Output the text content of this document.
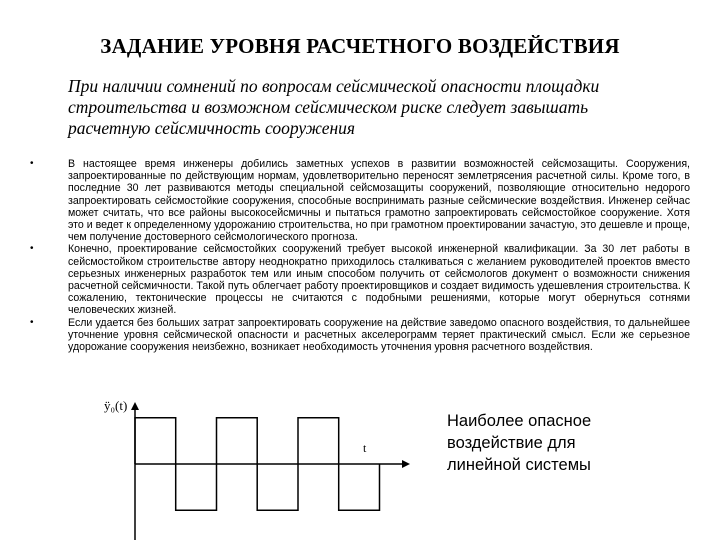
ЗАДАНИЕ УРОВНЯ РАСЧЕТНОГО ВОЗДЕЙСТВИЯ
При наличии сомнений по вопросам сейсмической опасности площадки строительства и возможном сейсмическом риске следует завышать расчетную сейсмичность сооружения
•	В настоящее время инженеры добились заметных успехов в развитии возможностей сейсмозащиты. Сооружения, запроектированные по действующим нормам, удовлетворительно переносят землетрясения расчетной силы. Кроме того, в последние 30 лет развиваются методы специальной сейсмозащиты сооружений, позволяющие относительно недорого запроектировать сейсмостойкие сооружения, способные воспринимать разные сейсмические воздействия. Инженер сейчас может считать, что все районы высокосейсмичны и пытаться грамотно запроектировать сейсмостойкое сооружение. Хотя это и ведет к определенному удорожанию строительства, но при грамотном проектировании зачастую, это дешевле и проще, чем получение достоверного сейсмологического прогноза.
•	Конечно, проектирование сейсмостойких сооружений требует высокой инженерной квалификации. За 30 лет работы в сейсмостойком строительстве автору неоднократно приходилось сталкиваться с желанием руководителей проектов вместо серьезных инженерных разработок тем или иным способом получить от сейсмологов документ о возможности снижения расчетной сейсмичности. Такой путь облегчает работу проектировщиков и создает видимость удешевления строительства. К сожалению, тектонические процессы не считаются с подобными решениями, которые могут обернуться сотнями человеческих жизней.
•	Если удается без больших затрат запроектировать сооружение на действие заведомо опасного воздействия, то дальнейшее уточнение уровня сейсмической опасности и расчетных акселерограмм теряет практический смысл. Если же серьезное удорожание сооружения неизбежно, возникает необходимость уточнения уровня расчетного воздействия.
ÿ₀(t)
t
Наиболее опасное воздействие для линейной системы
